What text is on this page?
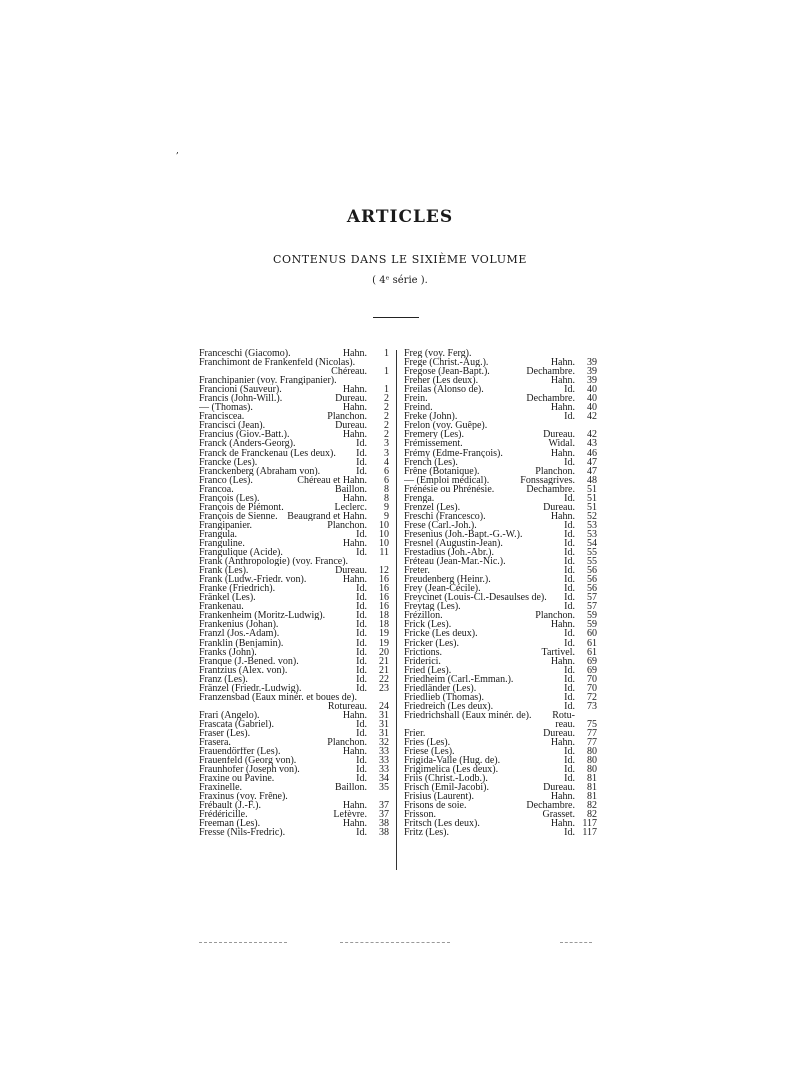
,
ARTICLES
CONTENUS DANS LE SIXIÈME VOLUME
( 4ᵉ série ).
Franceschi (Giacomo).	Hahn.	1
Franchimont de Frankenfeld (Nicolas).
Chéreau.	1
Franchipanier (voy. Frangipanier).
Francioni (Sauveur).	Hahn.	1
Francis (John-Will.).	Dureau.	2
— (Thomas).	Hahn.	2
Franciscea.	Planchon.	2
Francisci (Jean).	Dureau.	2
Francius (Giov.-Batt.).	Hahn.	2
Franck (Anders-Georg).	Id.	3
Franck de Franckenau (Les deux).	Id.	3
Francke (Les).	Id.	4
Franckenberg (Abraham von).	Id.	6
Franco (Les).	Chéreau et Hahn.	6
Francoa.	Baillon.	8
François (Les).	Hahn.	8
François de Piémont.	Leclerc.	9
François de Sienne. Beaugrand et Hahn.	9
Frangipanier.	Planchon.	10
Frangula.	Id.	10
Franguline.	Hahn.	10
Frangulique (Acide).	Id.	11
Frank (Anthropologie) (voy. France).
Frank (Les).	Dureau.	12
Frank (Ludw.-Friedr. von).	Hahn.	16
Franke (Friedrich).	Id.	16
Fränkel (Les).	Id.	16
Frankenau.	Id.	16
Frankenheim (Moritz-Ludwig).	Id.	18
Frankenius (Johan).	Id.	18
Franzl (Jos.-Adam).	Id.	19
Franklin (Benjamin).	Id.	19
Franks (John).	Id.	20
Franque (J.-Bened. von).	Id.	21
Frantzius (Alex. von).	Id.	21
Franz (Les).	Id.	22
Fränzel (Friedr.-Ludwig).	Id.	23
Franzensbad (Eaux minér. et boues de).
Rotureau.	24
Frari (Angelo).	Hahn.	31
Frascata (Gabriel).	Id.	31
Fraser (Les).	Id.	31
Frasera.	Planchon.	32
Frauendörffer (Les).	Hahn.	33
Frauenfeld (Georg von).	Id.	33
Fraunhofer (Joseph von).	Id.	33
Fraxine ou Pavine.	Id.	34
Fraxinelle.	Baillon.	35
Fraxinus (voy. Frêne).
Frébault (J.-F.).	Hahn.	37
Frédéricille.	Lefèvre.	37
Freeman (Les).	Hahn.	38
Fresse (Nils-Fredric).	Id.	38
Freg (voy. Ferg).
Frege (Christ.-Aug.).	Hahn.	39
Fregose (Jean-Bapt.).	Dechambre.	39
Freher (Les deux).	Hahn.	39
Freilas (Alonso de).	Id.	40
Frein.	Dechambre.	40
Freind.	Hahn.	40
Freke (John).	Id.	42
Frelon (voy. Guêpe).
Fremery (Les).	Dureau.	42
Frémissement.	Widal.	43
Frémy (Edme-François).	Hahn.	46
French (Les).	Id.	47
Frêne (Botanique).	Planchon.	47
— (Emploi médical).	Fonssagrives.	48
Frénésie ou Phrénésie.	Dechambre.	51
Frenga.	Id.	51
Frenzel (Les).	Dureau.	51
Freschi (Francesco).	Hahn.	52
Frese (Carl.-Joh.).	Id.	53
Fresenius (Joh.-Bapt.-G.-W.).	Id.	53
Fresnel (Augustin-Jean).	Id.	54
Frestadius (Joh.-Abr.).	Id.	55
Fréteau (Jean-Mar.-Nic.).	Id.	55
Freter.	Id.	56
Freudenberg (Heinr.).	Id.	56
Frey (Jean-Cécile).	Id.	56
Freycinet (Louis-Cl.-Desaulses de).	Id.	57
Freytag (Les).	Id.	57
Frézillon.	Planchon.	59
Frick (Les).	Hahn.	59
Fricke (Les deux).	Id.	60
Fricker (Les).	Id.	61
Frictions.	Tartivel.	61
Friderici.	Hahn.	69
Fried (Les).	Id.	69
Friedheim (Carl.-Emman.).	Id.	70
Friedländer (Les).	Id.	70
Friedlieb (Thomas).	Id.	72
Friedreich (Les deux).	Id.	73
Friedrichshall (Eaux minér. de).	Rotu-
reau.	75
Frier.	Dureau.	77
Fries (Les).	Hahn.	77
Friese (Les).	Id.	80
Frigida-Valle (Hug. de).	Id.	80
Frigimelica (Les deux).	Id.	80
Friis (Christ.-Lodb.).	Id.	81
Frisch (Emil-Jacobi).	Dureau.	81
Frisius (Laurent).	Hahn.	81
Frisons de soie.	Dechambre.	82
Frisson.	Grasset.	82
Fritsch (Les deux).	Hahn. 117
Fritz (Les).	Id. 117
